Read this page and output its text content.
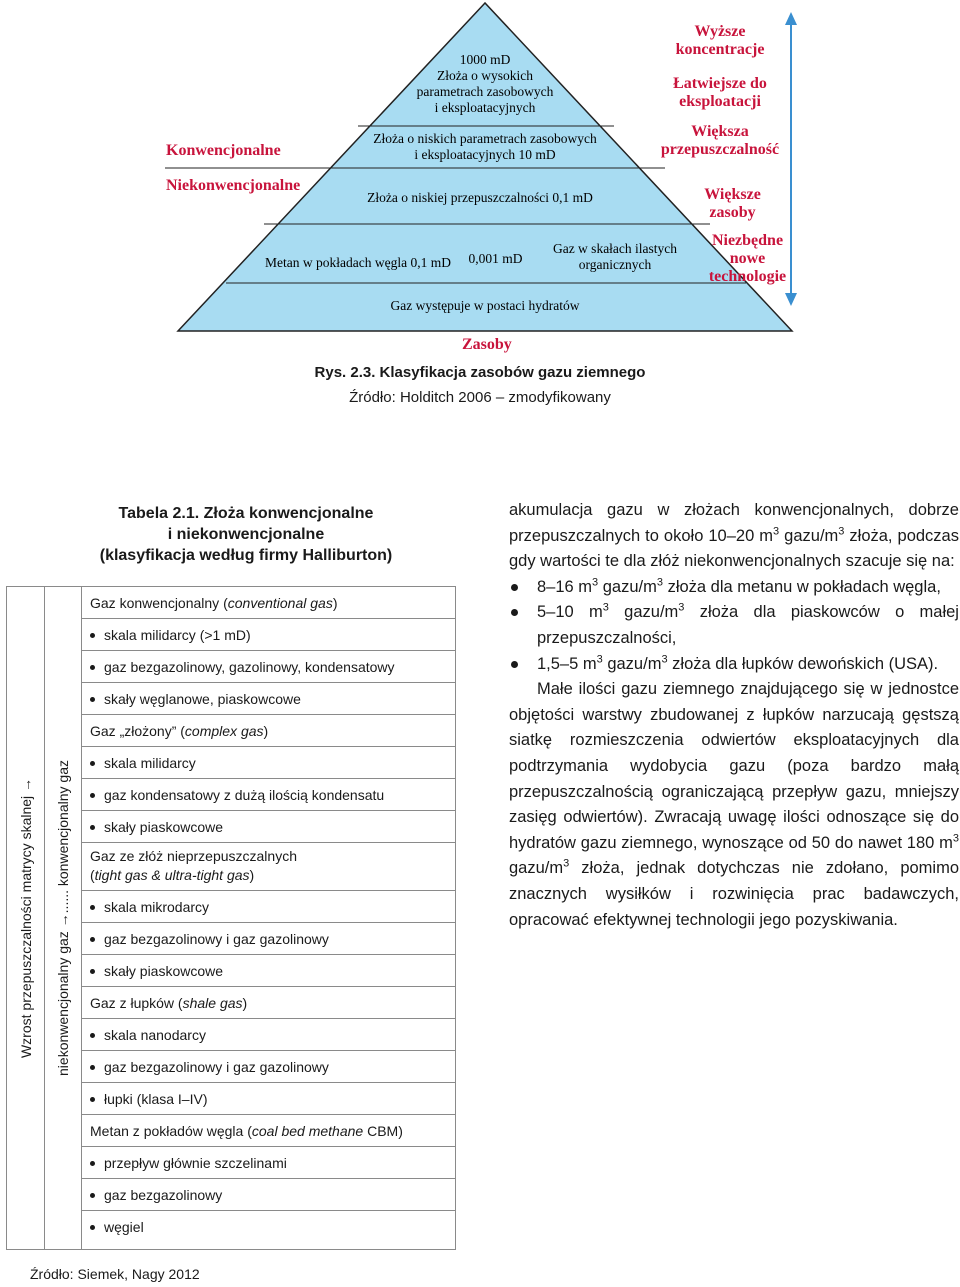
1000 mD
Złoża o wysokich
parametrach zasobowych
i eksploatacyjnych
Złoża o niskich parametrach zasobowych
i eksploatacyjnych 10 mD
Złoża o niskiej przepuszczalności 0,1 mD
Metan w pokładach węgla 0,1 mD	0,001 mD
Gaz w skałach ilastych
organicznych
Gaz występuje w postaci hydratów
Konwencjonalne
Niekonwencjonalne
Wyższe
koncentracje
Łatwiejsze do
eksploatacji
Większa
przepuszczalność
Większe
zasoby
Niezbędne
nowe
technologie
Zasoby
Rys. 2.3. Klasyfikacja zasobów gazu ziemnego
Źródło: Holditch 2006 – zmodyfikowany
Tabela 2.1. Złoża konwencjonalne
i niekonwencjonalne
(klasyfikacja według firmy Halliburton)
Wzrost przepuszczalności matrycy skalnej → niekonwencjonalny gaz →...... konwencjonalny gaz
Gaz konwencjonalny (conventional gas)
skala milidarcy (>1 mD)
gaz bezgazolinowy, gazolinowy, kondensatowy
skały węglanowe, piaskowcowe
Gaz „złożony” (complex gas)
skala milidarcy
gaz kondensatowy z dużą ilością kondensatu
skały piaskowcowe
Gaz ze złóż nieprzepuszczalnych
(tight gas & ultra-tight gas)
skala mikrodarcy
gaz bezgazolinowy i gaz gazolinowy
skały piaskowcowe
Gaz z łupków (shale gas)
skala nanodarcy
gaz bezgazolinowy i gaz gazolinowy
łupki (klasa I–IV)
Metan z pokładów węgla (coal bed methane CBM)
przepływ głównie szczelinami
gaz bezgazolinowy
węgiel
Źródło: Siemek, Nagy 2012

akumulacja gazu w złożach konwencjonalnych, dobrze przepuszczalnych to około 10–20 $m^3$ gazu/$m^3$ złoża, podczas gdy wartości te dla złóż niekonwencjonalnych szacuje się na:

8–16 $m^3$ gazu/$m^3$ złoża dla metanu w pokładach węgla,

5–10 $m^3$ gazu/$m^3$ złoża dla piaskowców o małej przepuszczalności,

1,5–5 $m^3$ gazu/$m^3$ złoża dla łupków dewońskich (USA).

Małe ilości gazu ziemnego znajdującego się w jednostce objętości warstwy zbudowanej z łupków narzucają gęstszą siatkę rozmieszczenia odwiertów eksploatacyjnych dla podtrzymania wydobycia gazu (poza bardzo małą przepuszczalnością ograniczającą przepływ gazu, mniejszy zasięg odwiertów). Zwracają uwagę ilości odnoszące się do hydratów gazu ziemnego, wynoszące od 50 do nawet 180 $m^3$ gazu/$m^3$ złoża, jednak dotychczas nie zdołano, pomimo znacznych wysiłków i rozwinięcia prac badawczych, opracować efektywnej technologii jego pozyskiwania.
